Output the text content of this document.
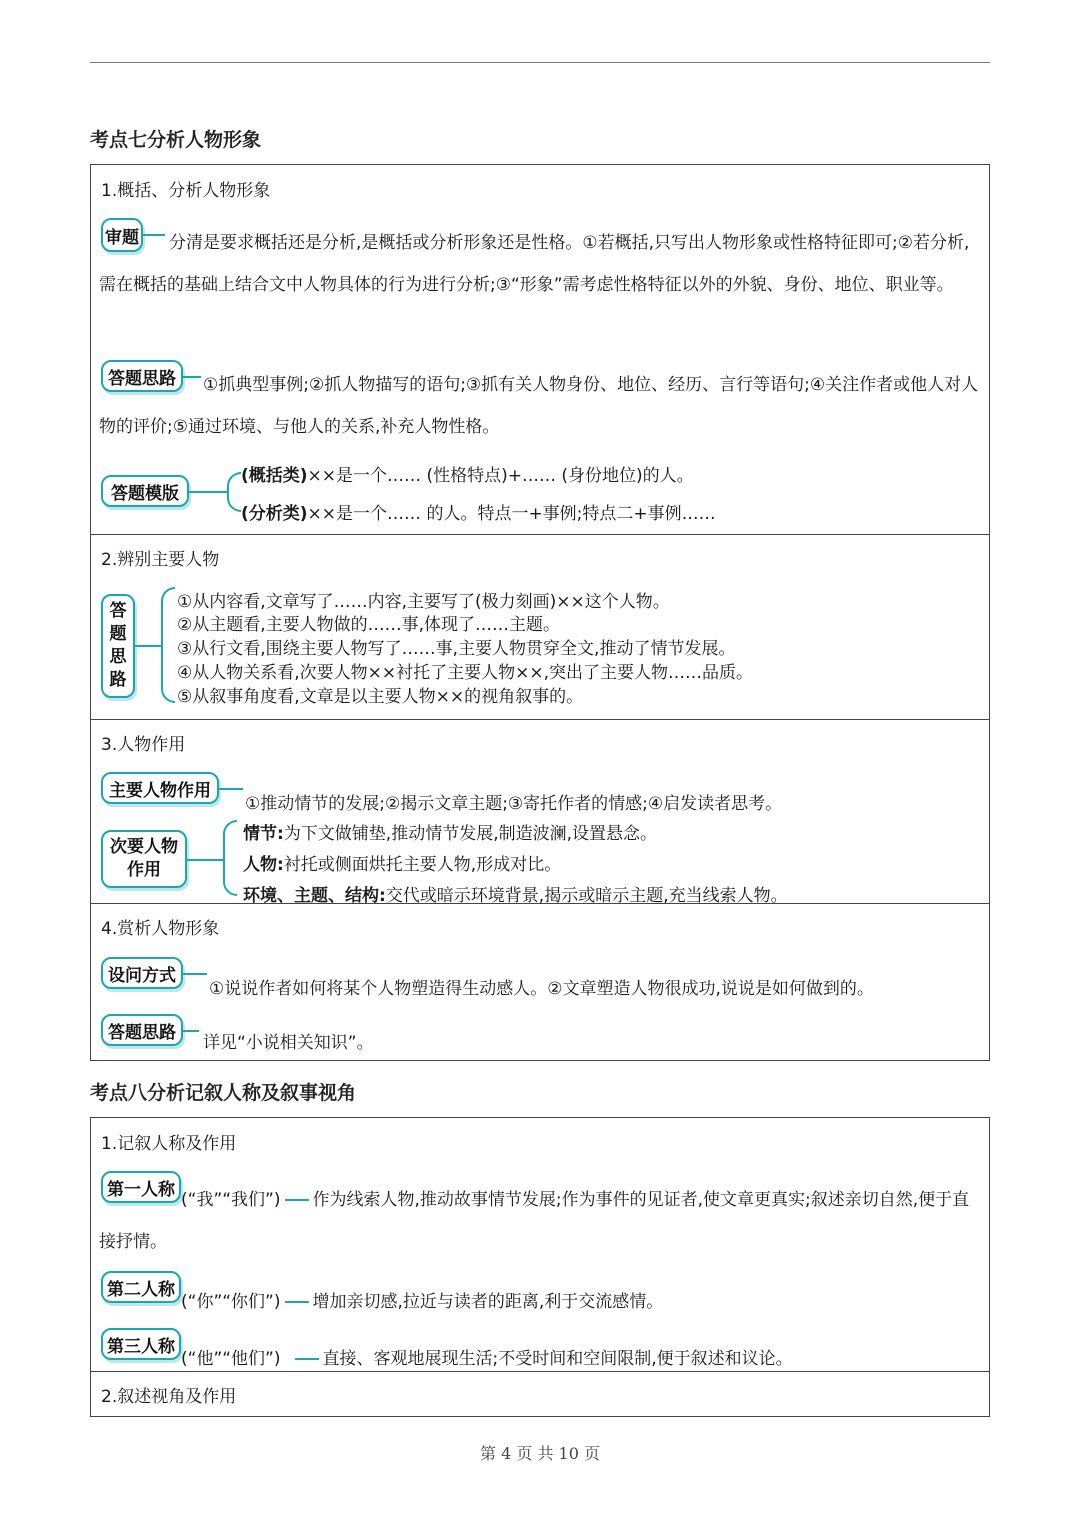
考点七分析人物形象
1.概括、分析人物形象
审题	分清是要求概括还是分析,是概括或分析形象还是性格。①若概括,只写出人物形象或性格特征即可;②若分析,需在概括的基础上结合文中人物具体的行为进行分析;③“形象”需考虑性格特征以外的外貌、身份、地位、职业等。
答题思路	①抓典型事例;②抓人物描写的语句;③抓有关人物身份、地位、经历、言行等语句;④关注作者或他人对人物的评价;⑤通过环境、与他人的关系,补充人物性格。
答题模版
(概括类)××是一个…… (性格特点)+…… (身份地位)的人。
(分析类)××是一个…… 的人。特点一+事例;特点二+事例……
2.辨别主要人物
答
题
思
路
①从内容看,文章写了……内容,主要写了(极力刻画)××这个人物。
②从主题看,主要人物做的……事,体现了……主题。
③从行文看,围绕主要人物写了……事,主要人物贯穿全文,推动了情节发展。
④从人物关系看,次要人物××衬托了主要人物××,突出了主要人物……品质。
⑤从叙事角度看,文章是以主要人物××的视角叙事的。
3.人物作用
主要人物作用
①推动情节的发展;②揭示文章主题;③寄托作者的情感;④启发读者思考。
次要人物
作用
情节:为下文做铺垫,推动情节发展,制造波澜,设置悬念。
人物:衬托或侧面烘托主要人物,形成对比。
环境、主题、结构:交代或暗示环境背景,揭示或暗示主题,充当线索人物。
4.赏析人物形象
设问方式
①说说作者如何将某个人物塑造得生动感人。②文章塑造人物很成功,说说是如何做到的。
答题思路
详见“小说相关知识”。
考点八分析记叙人称及叙事视角
1.记叙人称及作用
第一人称
(“我”“我们”) 作为线索人物,推动故事情节发展;作为事件的见证者,使文章更真实;叙述亲切自然,便于直接抒情。
第二人称
(“你”“你们”) 增加亲切感,拉近与读者的距离,利于交流感情。
第三人称
(“他”“他们”) 直接、客观地展现生活;不受时间和空间限制,便于叙述和议论。
2.叙述视角及作用
第 4 页 共 10 页
